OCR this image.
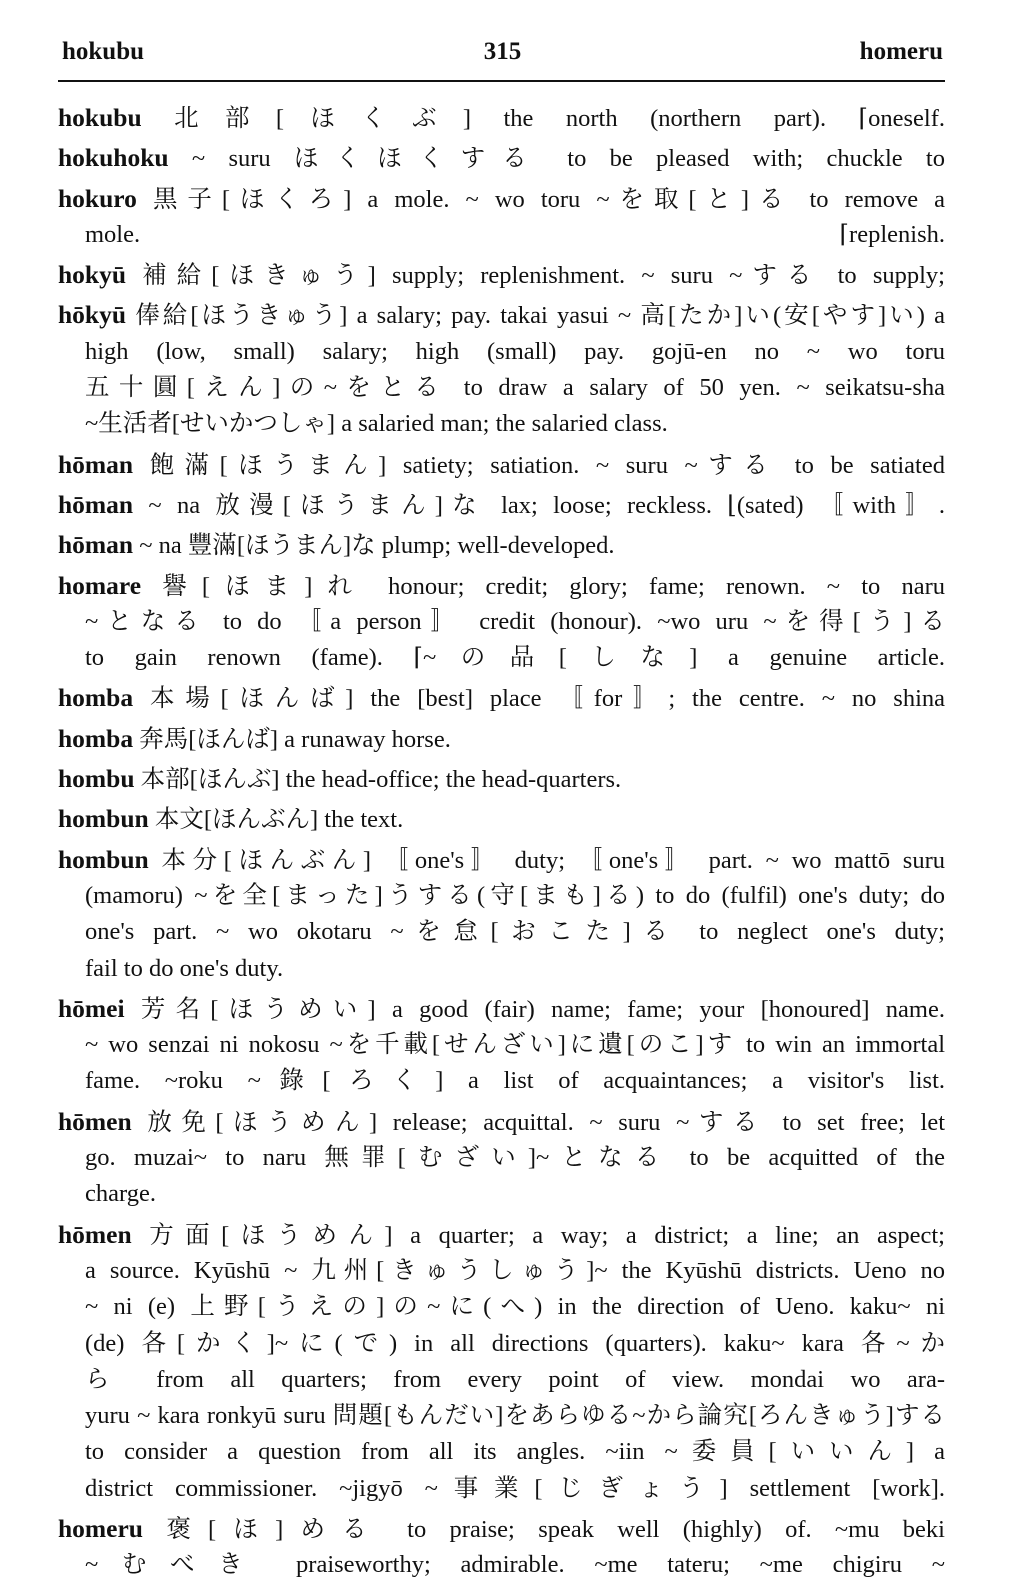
hokubu	315	homeru
hokubu 北部[ほくぶ] the north (northern part). ⌈oneself.
hokuhoku ~ suru ほくほくする to be pleased with; chuckle to
hokuro 黒子[ほくろ] a mole. ~ wo toru ~を取[と]る to remove a
mole. ⌈replenish.
hokyū 補給[ほきゅう] supply; replenishment. ~ suru ~する to supply;
hōkyū 俸給[ほうきゅう] a salary; pay. takai yasui ~ 高[たか]い(安[やす]い) a
high (low, small) salary; high (small) pay. gojū-en no ~ wo toru
五十圓[えん]の~をとる to draw a salary of 50 yen. ~ seikatsu-sha
~生活者[せいかつしゃ] a salaried man; the salaried class.
hōman 飽滿[ほうまん] satiety; satiation. ~ suru ~する to be satiated
hōman ~ na 放漫[ほうまん]な lax; loose; reckless. ⌊(sated) 〚with〛.
hōman ~ na 豐滿[ほうまん]な plump; well-developed.
homare 譽[ほま]れ honour; credit; glory; fame; renown. ~ to naru
~となる to do 〚a person〛 credit (honour). ~wo uru ~を得[う]る
to gain renown (fame). ⌈~の品[しな] a genuine article.
homba 本場[ほんば] the [best] place 〚for〛; the centre. ~ no shina
homba 奔馬[ほんば] a runaway horse.
hombu 本部[ほんぶ] the head-office; the head-quarters.
hombun 本文[ほんぶん] the text.
hombun 本分[ほんぶん] 〚one's〛 duty; 〚one's〛 part. ~ wo mattō suru
(mamoru) ~を全[まった]うする(守[まも]る) to do (fulfil) one's duty; do
one's part. ~ wo okotaru ~を怠[おこた]る to neglect one's duty;
fail to do one's duty.
hōmei 芳名[ほうめい] a good (fair) name; fame; your [honoured] name.
~ wo senzai ni nokosu ~を千載[せんざい]に遺[のこ]す to win an immortal
fame. ~roku ~錄[ろく] a list of acquaintances; a visitor's list.
hōmen 放免[ほうめん] release; acquittal. ~ suru ~する to set free; let
go. muzai~ to naru 無罪[むざい]~となる to be acquitted of the
charge.
hōmen 方面[ほうめん] a quarter; a way; a district; a line; an aspect;
a source. Kyūshū ~ 九州[きゅうしゅう]~ the Kyūshū districts. Ueno no
~ ni (e) 上野[うえの]の~に(へ) in the direction of Ueno. kaku~ ni
(de) 各[かく]~に(で) in all directions (quarters). kaku~ kara 各~か
ら from all quarters; from every point of view. mondai wo ara-
yuru ~ kara ronkyū suru 問題[もんだい]をあらゆる~から論究[ろんきゅう]する
to consider a question from all its angles. ~iin ~委員[いいん] a
district commissioner. ~jigyō ~事業[じぎょう] settlement [work].
homeru 褒[ほ]める to praise; speak well (highly) of. ~mu beki
~むべき praiseworthy; admirable. ~me tateru; ~me chigiru ~
